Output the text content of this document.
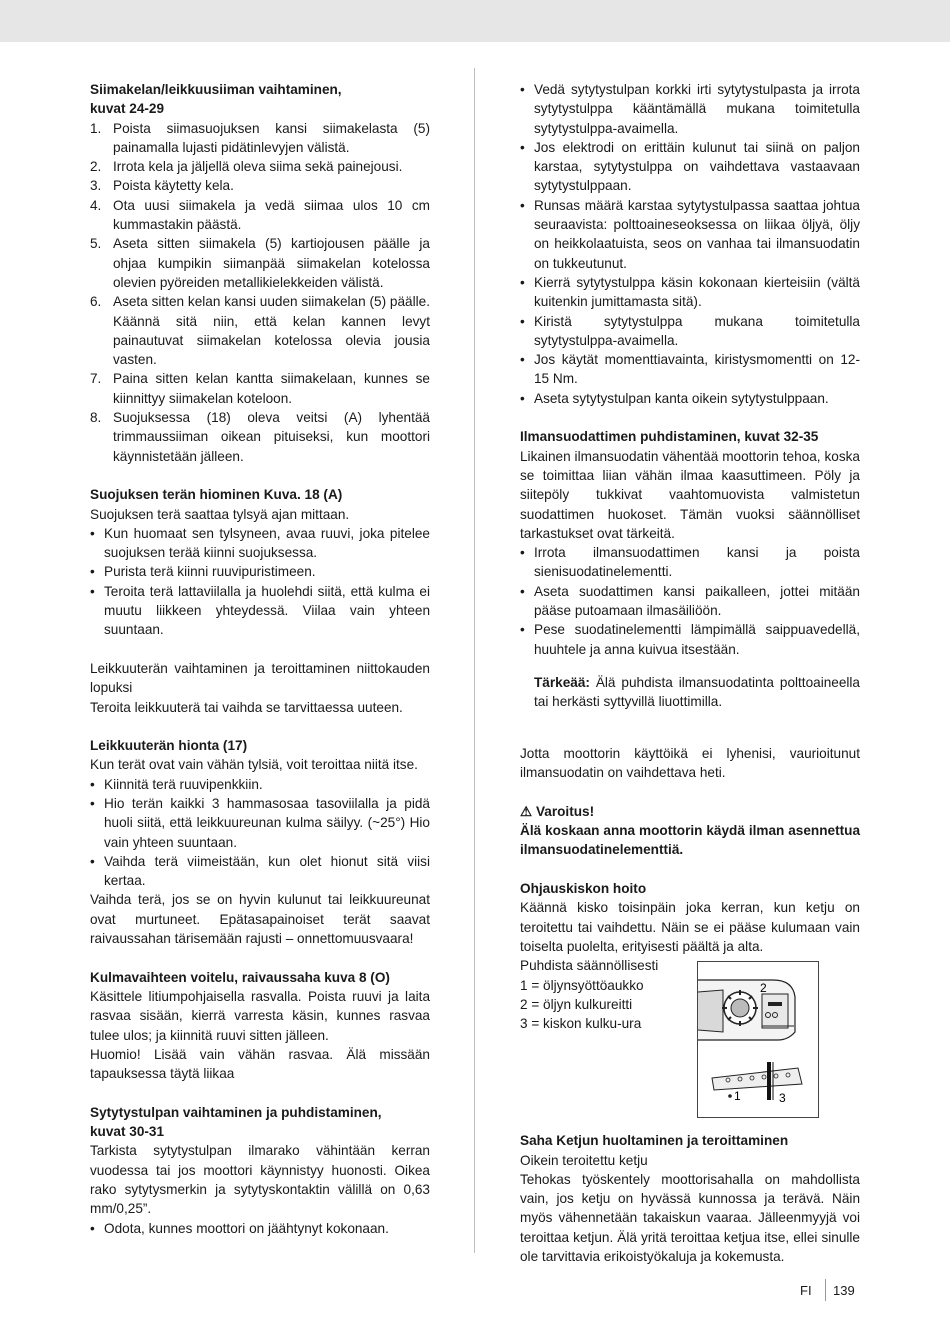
Siimakelan/leikkuusiiman vaihtaminen,

kuvat 24-29

1. Poista siimasuojuksen kansi siimakelasta (5) painamalla lujasti pidätinlevyjen välistä.
2. Irrota kela ja jäljellä oleva siima sekä painejousi.
3. Poista käytetty kela.
4. Ota uusi siimakela ja vedä siimaa ulos 10 cm kummastakin päästä.
5. Aseta sitten siimakela (5) kartiojousen päälle ja ohjaa kumpikin siimanpää siimakelan kotelossa olevien pyöreiden metallikielekkeiden välistä.
6. Aseta sitten kelan kansi uuden siimakelan (5) päälle. Käännä sitä niin, että kelan kannen levyt painautuvat siimakelan kotelossa olevia jousia vasten.
7. Paina sitten kelan kantta siimakelaan, kunnes se kiinnittyy siimakelan koteloon.
8. Suojuksessa (18) oleva veitsi (A) lyhentää trimmaussiiman oikean pituiseksi, kun moottori käynnistetään jälleen.

Suojuksen terän hiominen Kuva. 18 (A)

Suojuksen terä saattaa tylsyä ajan mittaan.

• Kun huomaat sen tylsyneen, avaa ruuvi, joka pitelee suojuksen terää kiinni suojuksessa.
• Purista terä kiinni ruuvipuristimeen.
• Teroita terä lattaviilalla ja huolehdi siitä, että kulma ei muutu liikkeen yhteydessä. Viilaa vain yhteen suuntaan.

Leikkuuterän vaihtaminen ja teroittaminen niittokauden lopuksi

Teroita leikkuuterä tai vaihda se tarvittaessa uuteen.

Leikkuuterän hionta (17)

Kun terät ovat vain vähän tylsiä, voit teroittaa niitä itse.

• Kiinnitä terä ruuvipenkkiin.
• Hio terän kaikki 3 hammasosaa tasoviilalla ja pidä huoli siitä, että leikkuureunan kulma säilyy. (~25°) Hio vain yhteen suuntaan.
• Vaihda terä viimeistään, kun olet hionut sitä viisi kertaa.

Vaihda terä, jos se on hyvin kulunut tai leikkuureunat ovat murtuneet. Epätasapainoiset terät saavat raivaussahan tärisemään rajusti – onnettomuusvaara!

Kulmavaihteen voitelu, raivaussaha kuva 8 (O)

Käsittele litiumpohjaisella rasvalla. Poista ruuvi ja laita rasvaa sisään, kierrä varresta käsin, kunnes rasvaa tulee ulos; ja kiinnitä ruuvi sitten jälleen.

Huomio! Lisää vain vähän rasvaa. Älä missään tapauksessa täytä liikaa

Sytytystulpan vaihtaminen ja puhdistaminen,

kuvat 30-31

Tarkista sytytystulpan ilmarako vähintään kerran vuodessa tai jos moottori käynnistyy huonosti. Oikea rako sytytysmerkin ja sytytyskontaktin välillä on 0,63 mm/0,25”.

• Odota, kunnes moottori on jäähtynyt kokonaan.
• Vedä sytytystulpan korkki irti sytytystulpasta ja irrota sytytystulppa kääntämällä mukana toimitetulla sytytystulppa-avaimella.
• Jos elektrodi on erittäin kulunut tai siinä on paljon karstaa, sytytystulppa on vaihdettava vastaavaan sytytystulppaan.
• Runsas määrä karstaa sytytystulpassa saattaa johtua seuraavista: polttoaineseoksessa on liikaa öljyä, öljy on heikkolaatuista, seos on vanhaa tai ilmansuodatin on tukkeutunut.
• Kierrä sytytystulppa käsin kokonaan kierteisiin (vältä kuitenkin jumittamasta sitä).
• Kiristä sytytystulppa mukana toimitetulla sytytystulppa-avaimella.
• Jos käytät momenttiavainta, kiristysmomentti on 12-15 Nm.
• Aseta sytytystulpan kanta oikein sytytystulppaan.

Ilmansuodattimen puhdistaminen, kuvat 32-35

Likainen ilmansuodatin vähentää moottorin tehoa, koska se toimittaa liian vähän ilmaa kaasuttimeen. Pöly ja siitepöly tukkivat vaahtomuovista valmistetun suodattimen huokoset. Tämän vuoksi säännölliset tarkastukset ovat tärkeitä.

• Irrota ilmansuodattimen kansi ja poista sienisuodatinelementti.
• Aseta suodattimen kansi paikalleen, jottei mitään pääse putoamaan ilmasäiliöön.
• Pese suodatinelementti lämpimällä saippuavedellä, huuhtele ja anna kuivua itsestään.

Tärkeää: Älä puhdista ilmansuodatinta polttoaineella tai herkästi syttyvillä liuottimilla.

Jotta moottorin käyttöikä ei lyhenisi, vaurioitunut ilmansuodatin on vaihdettava heti.

⚠ Varoitus!

Älä koskaan anna moottorin käydä ilman asennettua ilmansuodatinelementtiä.

Ohjauskiskon hoito

Käännä kisko toisinpäin joka kerran, kun ketju on teroitettu tai vaihdettu. Näin se ei pääse kulumaan vain toiselta puolelta, erityisesti päältä ja alta.

Puhdista säännöllisesti

1 = öljynsyöttöaukko

2 = öljyn kulkureitti

3 = kiskon kulku-ura

2
1	3

Saha Ketjun huoltaminen ja teroittaminen

Oikein teroitettu ketju

Tehokas työskentely moottorisahalla on mahdollista vain, jos ketju on hyvässä kunnossa ja terävä. Näin myös vähennetään takaiskun vaaraa. Jälleenmyyjä voi teroittaa ketjun. Älä yritä teroittaa ketjua itse, ellei sinulle ole tarvittavia erikoistyökaluja ja kokemusta.

FI 139
